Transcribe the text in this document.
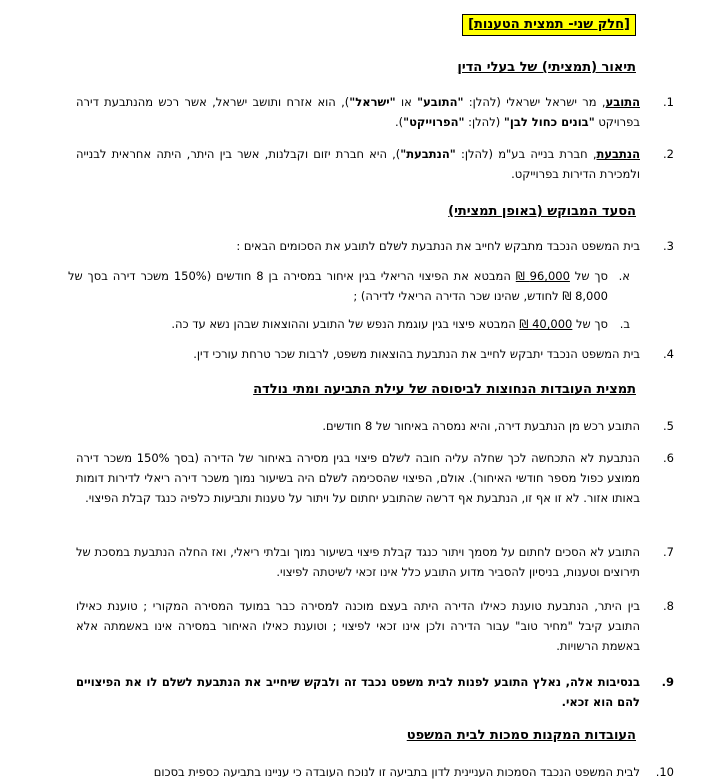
[חלק שני- תמצית הטענות]
תיאור (תמציתי) של בעלי הדין
1.
התובע, מר ישראל ישראלי (להלן: "התובע" או "ישראל"), הוא אזרח ותושב ישראל, אשר רכש מהנתבעת דירה בפרויקט "בונים כחול לבן" (להלן: "הפרוייקט").
2.
הנתבעת, חברת בנייה בע"מ (להלן: "הנתבעת"), היא חברת יזום וקבלנות, אשר בין היתר, היתה אחראית לבנייה ולמכירת הדירות בפרוייקט.
הסעד המבוקש (באופן תמציתי)
3.
בית המשפט הנכבד מתבקש לחייב את הנתבעת לשלם לתובע את הסכומים הבאים :
א.
סך של 96,000 ₪ המבטא את הפיצוי הריאלי בגין איחור במסירה בן 8 חודשים (150% משכר דירה בסך של 8,000 ₪ לחודש, שהינו שכר הדירה הריאלי לדירה) ;
ב.
סך של 40,000 ₪ המבטא פיצוי בגין עוגמת הנפש של התובע וההוצאות שבהן נשא עד כה.
4.
בית המשפט הנכבד יתבקש לחייב את הנתבעת בהוצאות משפט, לרבות שכר טרחת עורכי דין.
תמצית העובדות הנחוצות לביסוסה של עילת התביעה ומתי נולדה
5.
התובע רכש מן הנתבעת דירה, והיא נמסרה באיחור של 8 חודשים.
6.
הנתבעת לא התכחשה לכך שחלה עליה חובה לשלם פיצוי בגין מסירה באיחור של הדירה (בסך 150% משכר דירה ממוצע כפול מספר חודשי האיחור). אולם, הפיצוי שהסכימה לשלם היה בשיעור נמוך משכר דירה ריאלי לדירות דומות באותו אזור. לא זו אף זו, הנתבעת אף דרשה שהתובע יחתום על ויתור על טענות ותביעות כלפיה כנגד קבלת הפיצוי.
7.
התובע לא הסכים לחתום על מסמך ויתור כנגד קבלת פיצוי בשיעור נמוך ובלתי ריאלי, ואז החלה הנתבעת במסכת של תירוצים וטענות, בניסיון להסביר מדוע התובע כלל אינו זכאי לשיטתה לפיצוי.
8.
בין היתר, הנתבעת טוענת כאילו הדירה היתה בעצם מוכנה למסירה כבר במועד המסירה המקורי ; טוענת כאילו התובע קיבל "מחיר טוב" עבור הדירה ולכן אינו זכאי לפיצוי ; וטוענת כאילו האיחור במסירה אינו באשמתה אלא באשמת הרשויות.
9.
בנסיבות אלה, נאלץ התובע לפנות לבית משפט נכבד זה ולבקש שיחייב את הנתבעת לשלם לו את הפיצויים להם הוא זכאי.
העובדות המקנות סמכות לבית המשפט
10.
לבית המשפט הנכבד הסמכות העניינית לדון בתביעה זו לנוכח העובדה כי עניינו בתביעה כספית בסכום
